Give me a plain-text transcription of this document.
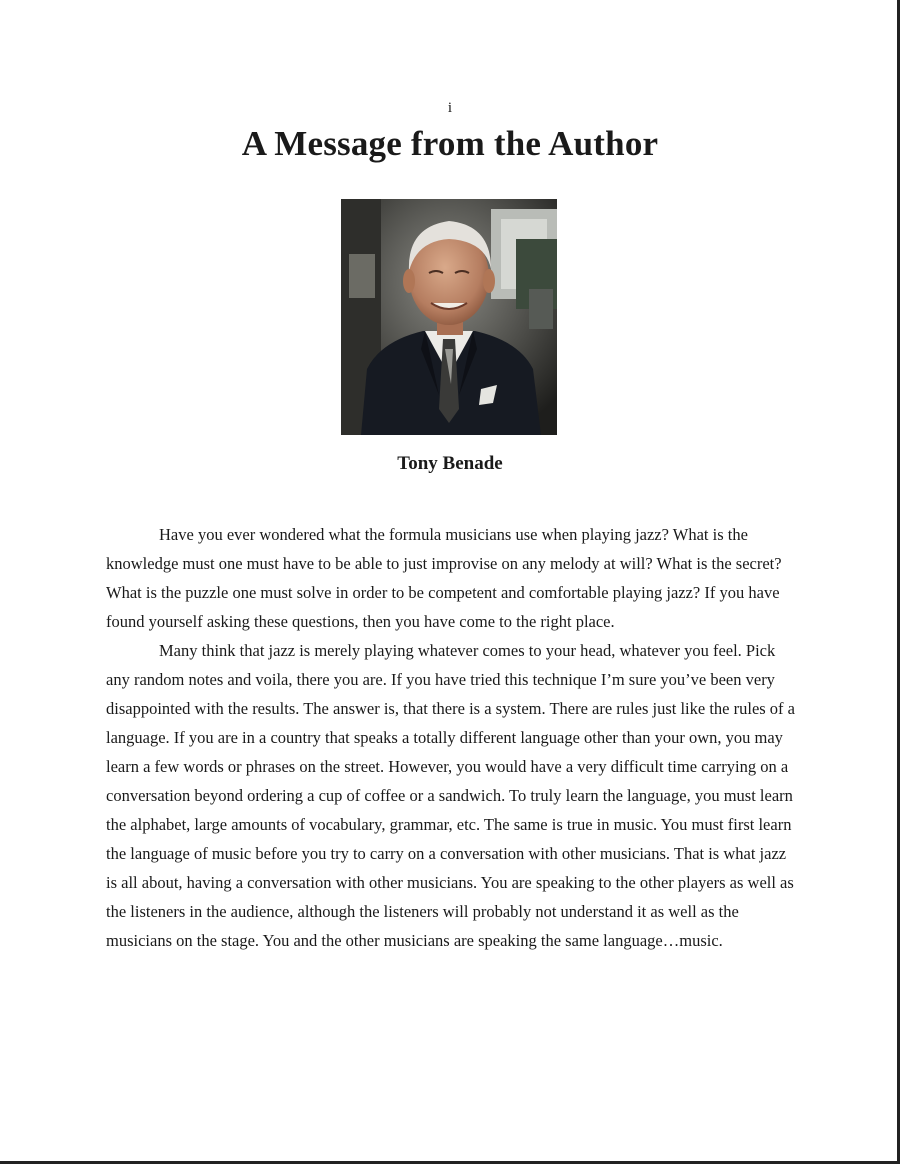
i
A Message from the Author
Tony Benade

Have you ever wondered what the formula musicians use when playing jazz? What is the knowledge must one must have to be able to just improvise on any melody at will? What is the secret? What is the puzzle one must solve in order to be competent and comfortable playing jazz? If you have found yourself asking these questions, then you have come to the right place.

Many think that jazz is merely playing whatever comes to your head, whatever you feel. Pick any random notes and voila, there you are. If you have tried this technique I’m sure you’ve been very disappointed with the results. The answer is, that there is a system. There are rules just like the rules of a language. If you are in a country that speaks a totally different language other than your own, you may learn a few words or phrases on the street. However, you would have a very difficult time carrying on a conversation beyond ordering a cup of coffee or a sandwich. To truly learn the language, you must learn the alphabet, large amounts of vocabulary, grammar, etc. The same is true in music. You must first learn the language of music before you try to carry on a conversation with other musicians. That is what jazz is all about, having a conversation with other musicians. You are speaking to the other players as well as the listeners in the audience, although the listeners will probably not understand it as well as the musicians on the stage. You and the other musicians are speaking the same language…music.
